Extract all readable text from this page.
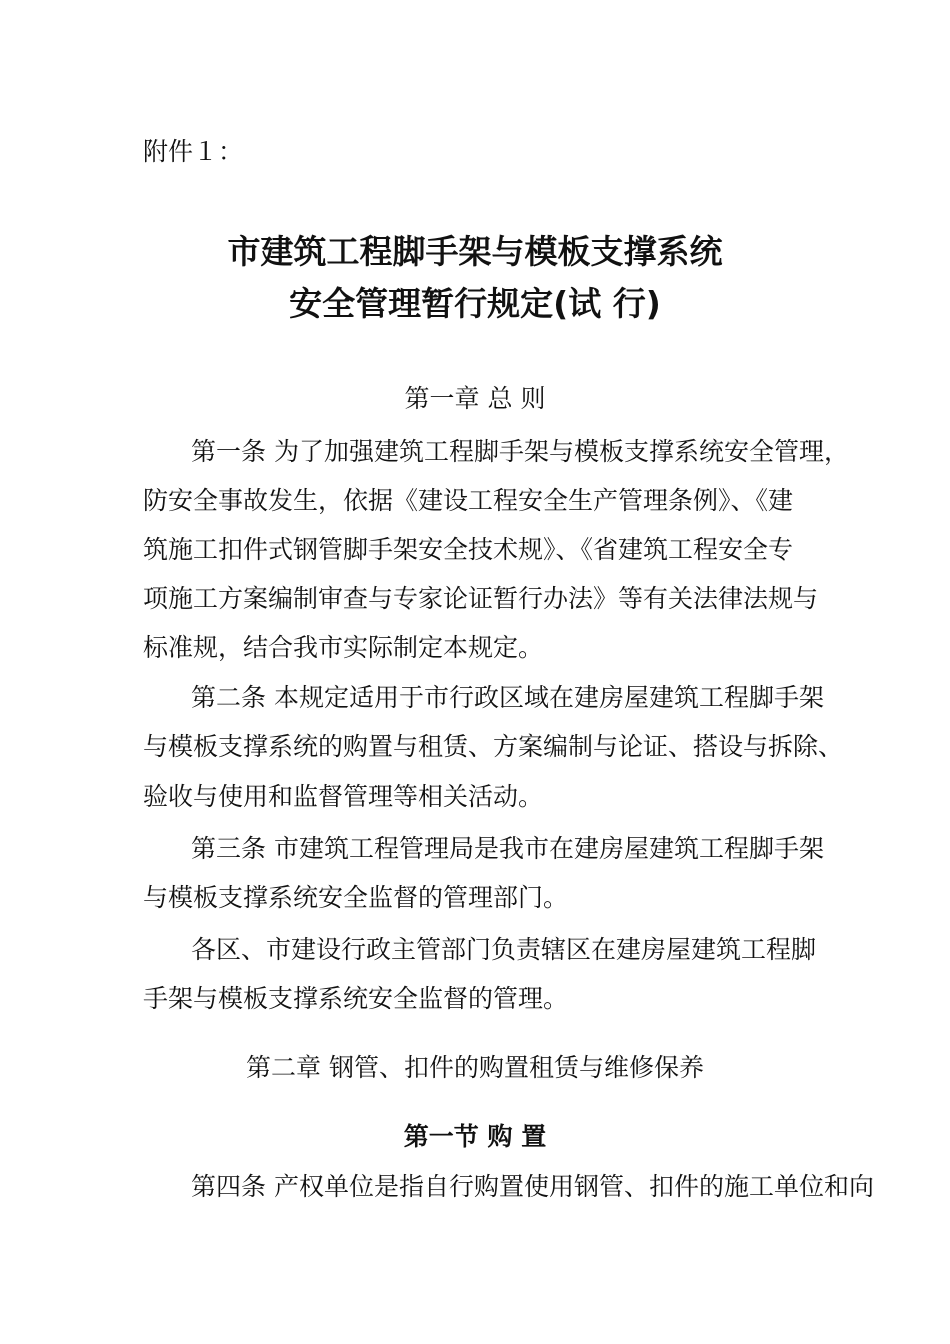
附件１：
市建筑工程脚手架与模板支撑系统
安全管理暂行规定(试 行)
第一章 总 则
第一条 为了加强建筑工程脚手架与模板支撑系统安全管理，
防安全事故发生，依据《建设工程安全生产管理条例》、《建
筑施工扣件式钢管脚手架安全技术规》、《省建筑工程安全专
项施工方案编制审查与专家论证暂行办法》等有关法律法规与
标准规，结合我市实际制定本规定。
第二条 本规定适用于市行政区域在建房屋建筑工程脚手架
与模板支撑系统的购置与租赁、方案编制与论证、搭设与拆除、
验收与使用和监督管理等相关活动。
第三条 市建筑工程管理局是我市在建房屋建筑工程脚手架
与模板支撑系统安全监督的管理部门。
各区、市建设行政主管部门负责辖区在建房屋建筑工程脚
手架与模板支撑系统安全监督的管理。
第二章 钢管、扣件的购置租赁与维修保养
第一节 购 置
第四条 产权单位是指自行购置使用钢管、扣件的施工单位和向
